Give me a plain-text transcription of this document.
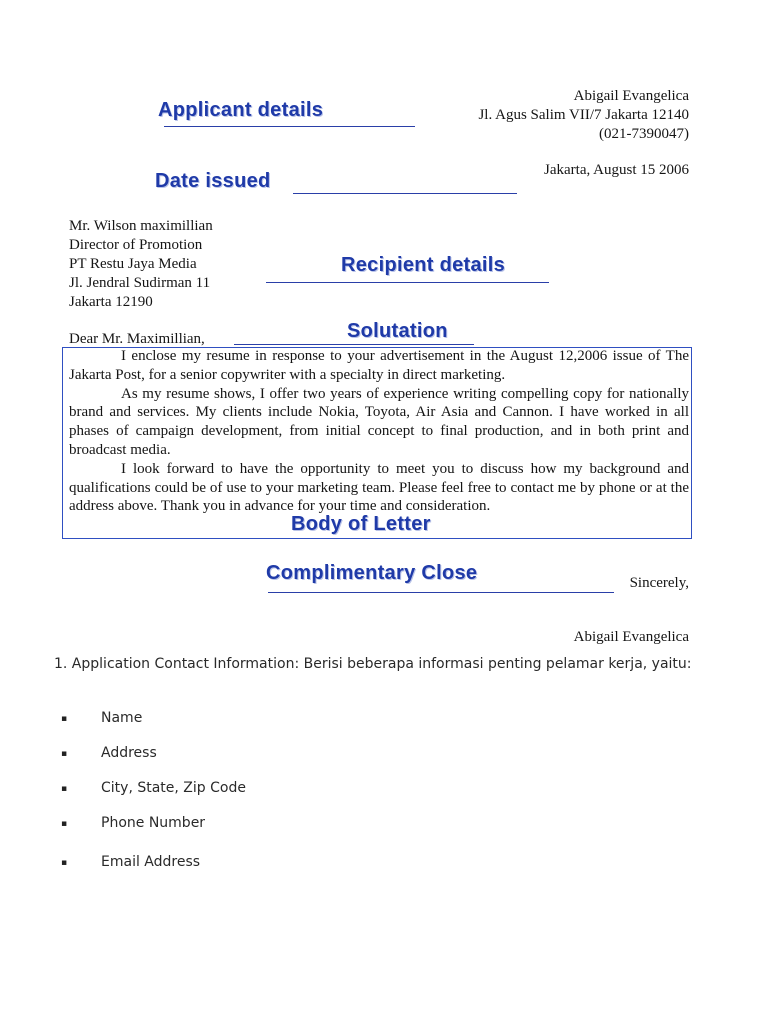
Abigail Evangelica
Jl. Agus Salim VII/7 Jakarta 12140
(021-7390047)
Applicant details
Jakarta, August 15 2006
Date issued
Mr. Wilson maximillian
Director of Promotion
PT Restu Jaya Media
Jl. Jendral Sudirman 11
Jakarta 12190
Recipient details
Dear Mr. Maximillian,	Solutation

I enclose my resume in response to your advertisement in the August 12,2006 issue of The Jakarta Post, for a senior copywriter with a specialty in direct marketing.

As my resume shows, I offer two years of experience writing compelling copy for nationally brand and services. My clients include Nokia, Toyota, Air Asia and Cannon. I have worked in all phases of campaign development, from initial concept to final production, and in both print and broadcast media.

I look forward to have the opportunity to meet you to discuss how my background and qualifications could be of use to your marketing team. Please feel free to contact me by phone or at the address above. Thank you in advance for your time and consideration.

Body of Letter
Complimentary Close	Sincerely,
Abigail Evangelica
1. Application Contact Information: Berisi beberapa informasi penting pelamar kerja, yaitu:
▪ Name
▪ Address
▪ City, State, Zip Code
▪ Phone Number
▪ Email Address
